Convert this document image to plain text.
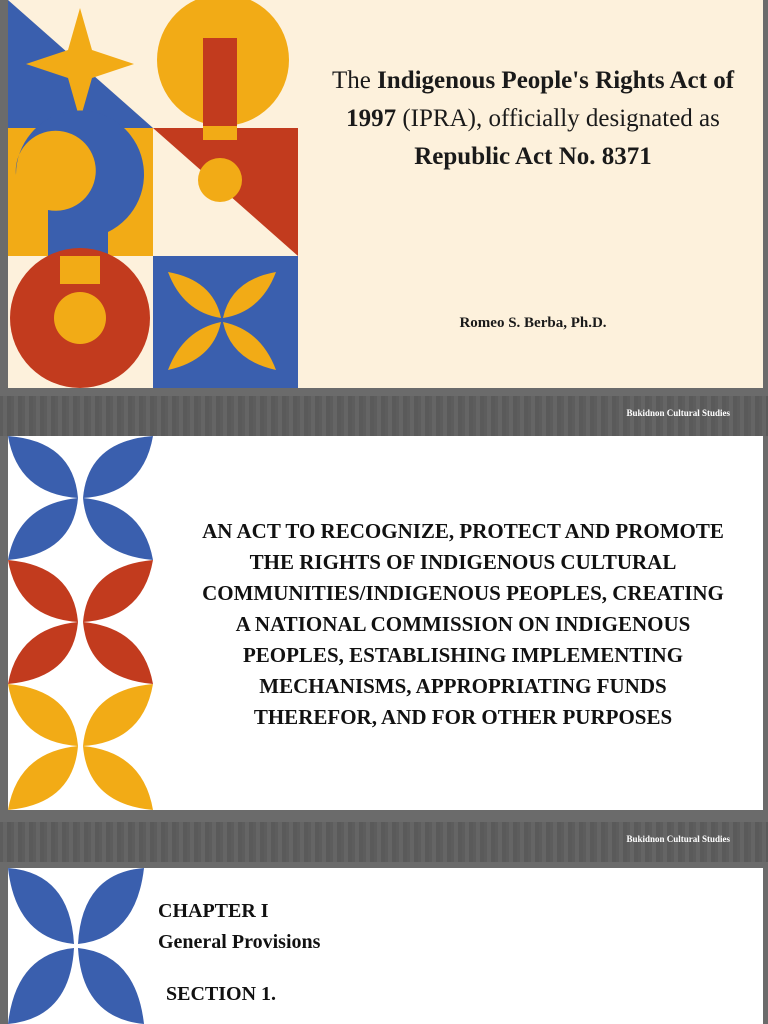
The Indigenous People's Rights Act of 1997 (IPRA), officially designated as Republic Act No. 8371
Romeo S. Berba, Ph.D.
Bukidnon Cultural Studies
AN ACT TO RECOGNIZE, PROTECT AND PROMOTE THE RIGHTS OF INDIGENOUS CULTURAL COMMUNITIES/INDIGENOUS PEOPLES, CREATING A NATIONAL COMMISSION ON INDIGENOUS PEOPLES, ESTABLISHING IMPLEMENTING MECHANISMS, APPROPRIATING FUNDS THEREFOR, AND FOR OTHER PURPOSES
Bukidnon Cultural Studies
CHAPTER I
General Provisions
SECTION 1.
